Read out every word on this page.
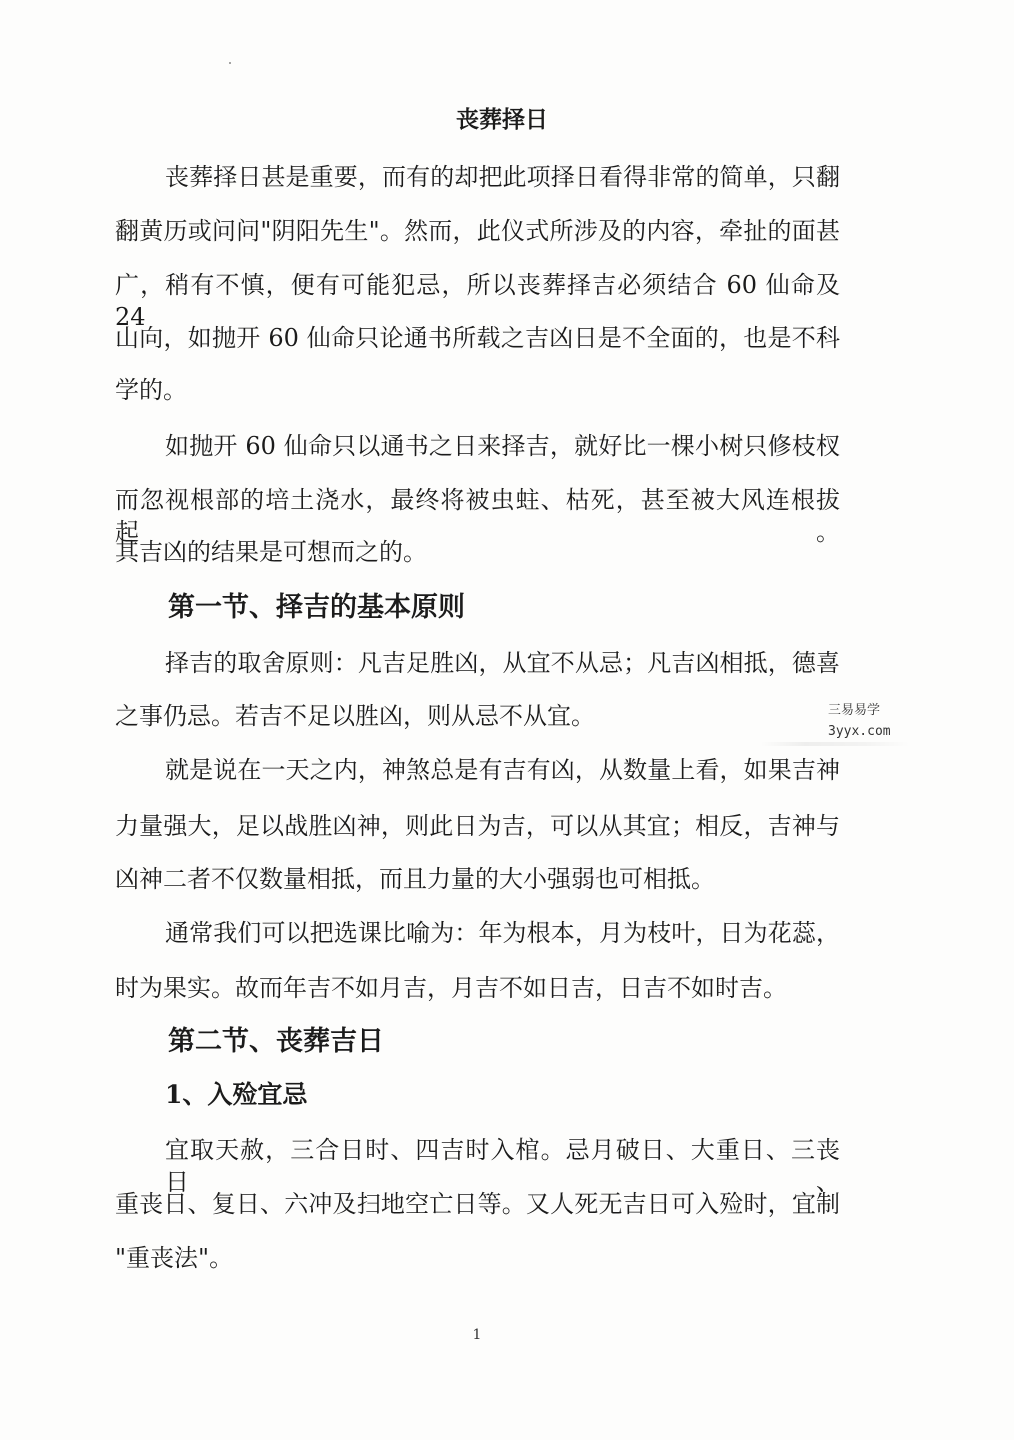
丧葬择日
丧葬择日甚是重要，而有的却把此项择日看得非常的简单，只翻
翻黄历或问问"阴阳先生"。然而，此仪式所涉及的内容，牵扯的面甚
广，稍有不慎，便有可能犯忌，所以丧葬择吉必须结合 60 仙命及 24
山向，如抛开 60 仙命只论通书所载之吉凶日是不全面的，也是不科
学的。
如抛开 60 仙命只以通书之日来择吉，就好比一棵小树只修枝杈
而忽视根部的培土浇水，最终将被虫蛀、枯死，甚至被大风连根拔起。
其吉凶的结果是可想而之的。
第一节、择吉的基本原则
择吉的取舍原则：凡吉足胜凶，从宜不从忌；凡吉凶相抵，德喜
之事仍忌。若吉不足以胜凶，则从忌不从宜。	三易易学
3yyx.com
就是说在一天之内，神煞总是有吉有凶，从数量上看，如果吉神
力量强大，足以战胜凶神，则此日为吉，可以从其宜；相反，吉神与
凶神二者不仅数量相抵，而且力量的大小强弱也可相抵。
通常我们可以把选课比喻为：年为根本，月为枝叶，日为花蕊，
时为果实。故而年吉不如月吉，月吉不如日吉，日吉不如时吉。
第二节、丧葬吉日
1、入殓宜忌
宜取天赦，三合日时、四吉时入棺。忌月破日、大重日、三丧日、
重丧日、复日、六冲及扫地空亡日等。又人死无吉日可入殓时，宜制
"重丧法"。
1
